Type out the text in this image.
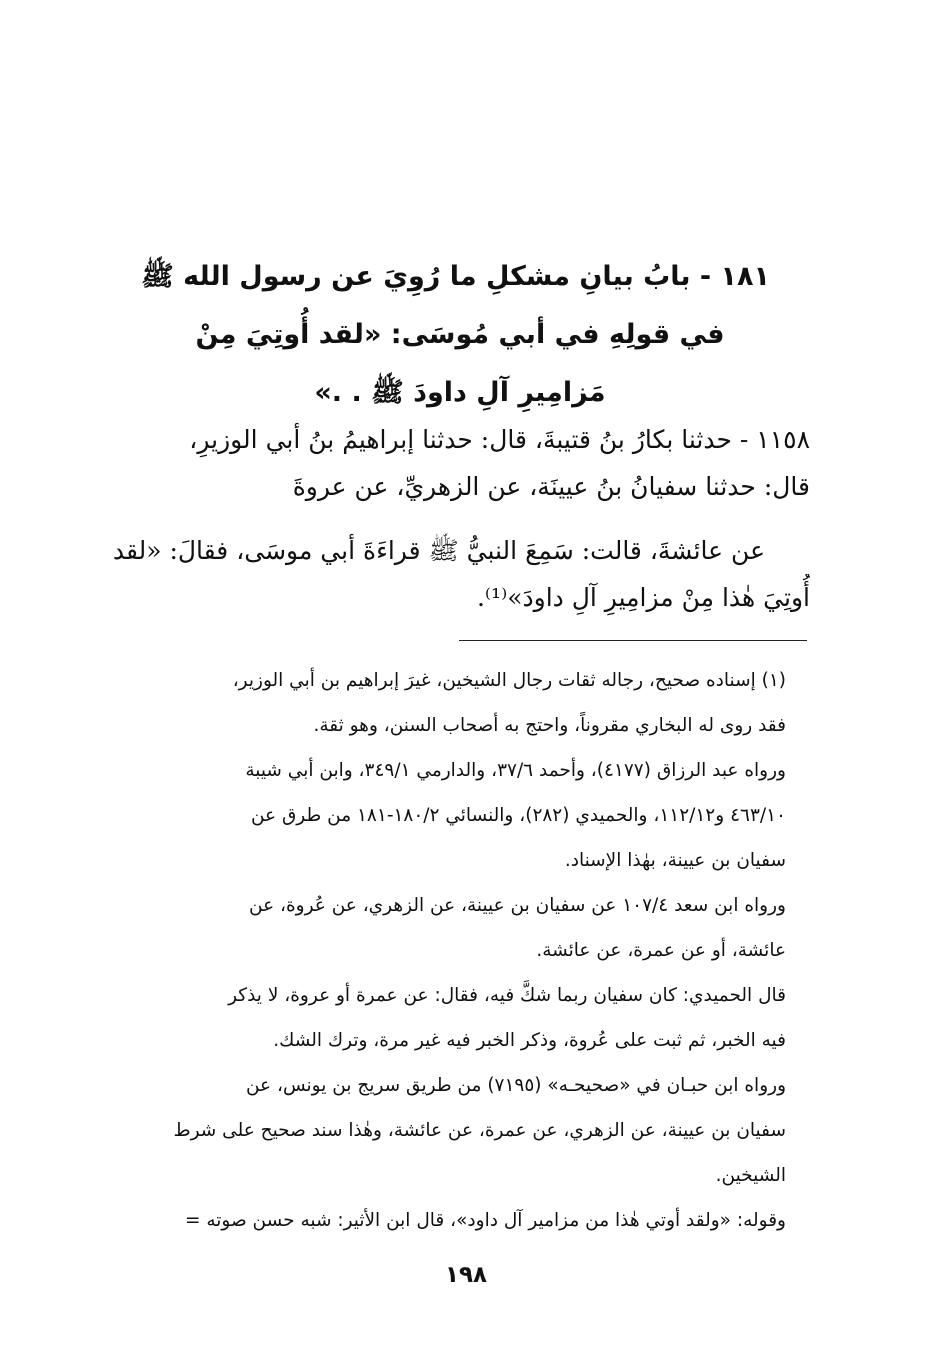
١٨١ - بابُ بيانِ مشكلِ ما رُوِيَ عن رسول الله ﷺ
في قولِهِ في أبي مُوسَى: «لقد أُوتِيَ مِنْ
مَزامِيرِ آلِ داودَ ﷺ . .»
١١٥٨ - حدثنا بكارُ بنُ قتيبةَ، قال: حدثنا إبراهيمُ بنُ أبي الوزيرِ،
قال: حدثنا سفيانُ بنُ عيينَة، عن الزهريِّ، عن عروةَ
عن عائشةَ، قالت: سَمِعَ النبيُّ ﷺ قراءَةَ أبي موسَى، فقالَ: «لقد
أُوتِيَ هٰذا مِنْ مزامِيرِ آلِ داودَ»⁽¹⁾.
(١) إسناده صحيح، رجاله ثقات رجال الشيخين، غيرَ إبراهيم بن أبي الوزير،
فقد روى له البخاري مقروناً، واحتج به أصحاب السنن، وهو ثقة.
ورواه عبد الرزاق (٤١٧٧)، وأحمد ٣٧/٦، والدارمي ٣٤٩/١، وابن أبي شيبة
٤٦٣/١٠ و١١٢/١٢، والحميدي (٢٨٢)، والنسائي ١٨٠/٢-١٨١ من طرق عن
سفيان بن عيينة، بهٰذا الإسناد.
ورواه ابن سعد ١٠٧/٤ عن سفيان بن عيينة، عن الزهري، عن عُروة، عن
عائشة، أو عن عمرة، عن عائشة.
قال الحميدي: كان سفيان ربما شكَّ فيه، فقال: عن عمرة أو عروة، لا يذكر
فيه الخبر، ثم ثبت على عُروة، وذكر الخبر فيه غير مرة، وترك الشك.
ورواه ابن حبـان في «صحيحـه» (٧١٩٥) من طريق سريج بن يونس، عن
سفيان بن عيينة، عن الزهري، عن عمرة، عن عائشة، وهٰذا سند صحيح على شرط
الشيخين.
وقوله: «ولقد أوتي هٰذا من مزامير آل داود»، قال ابن الأثير: شبه حسن صوته =
١٩٨
